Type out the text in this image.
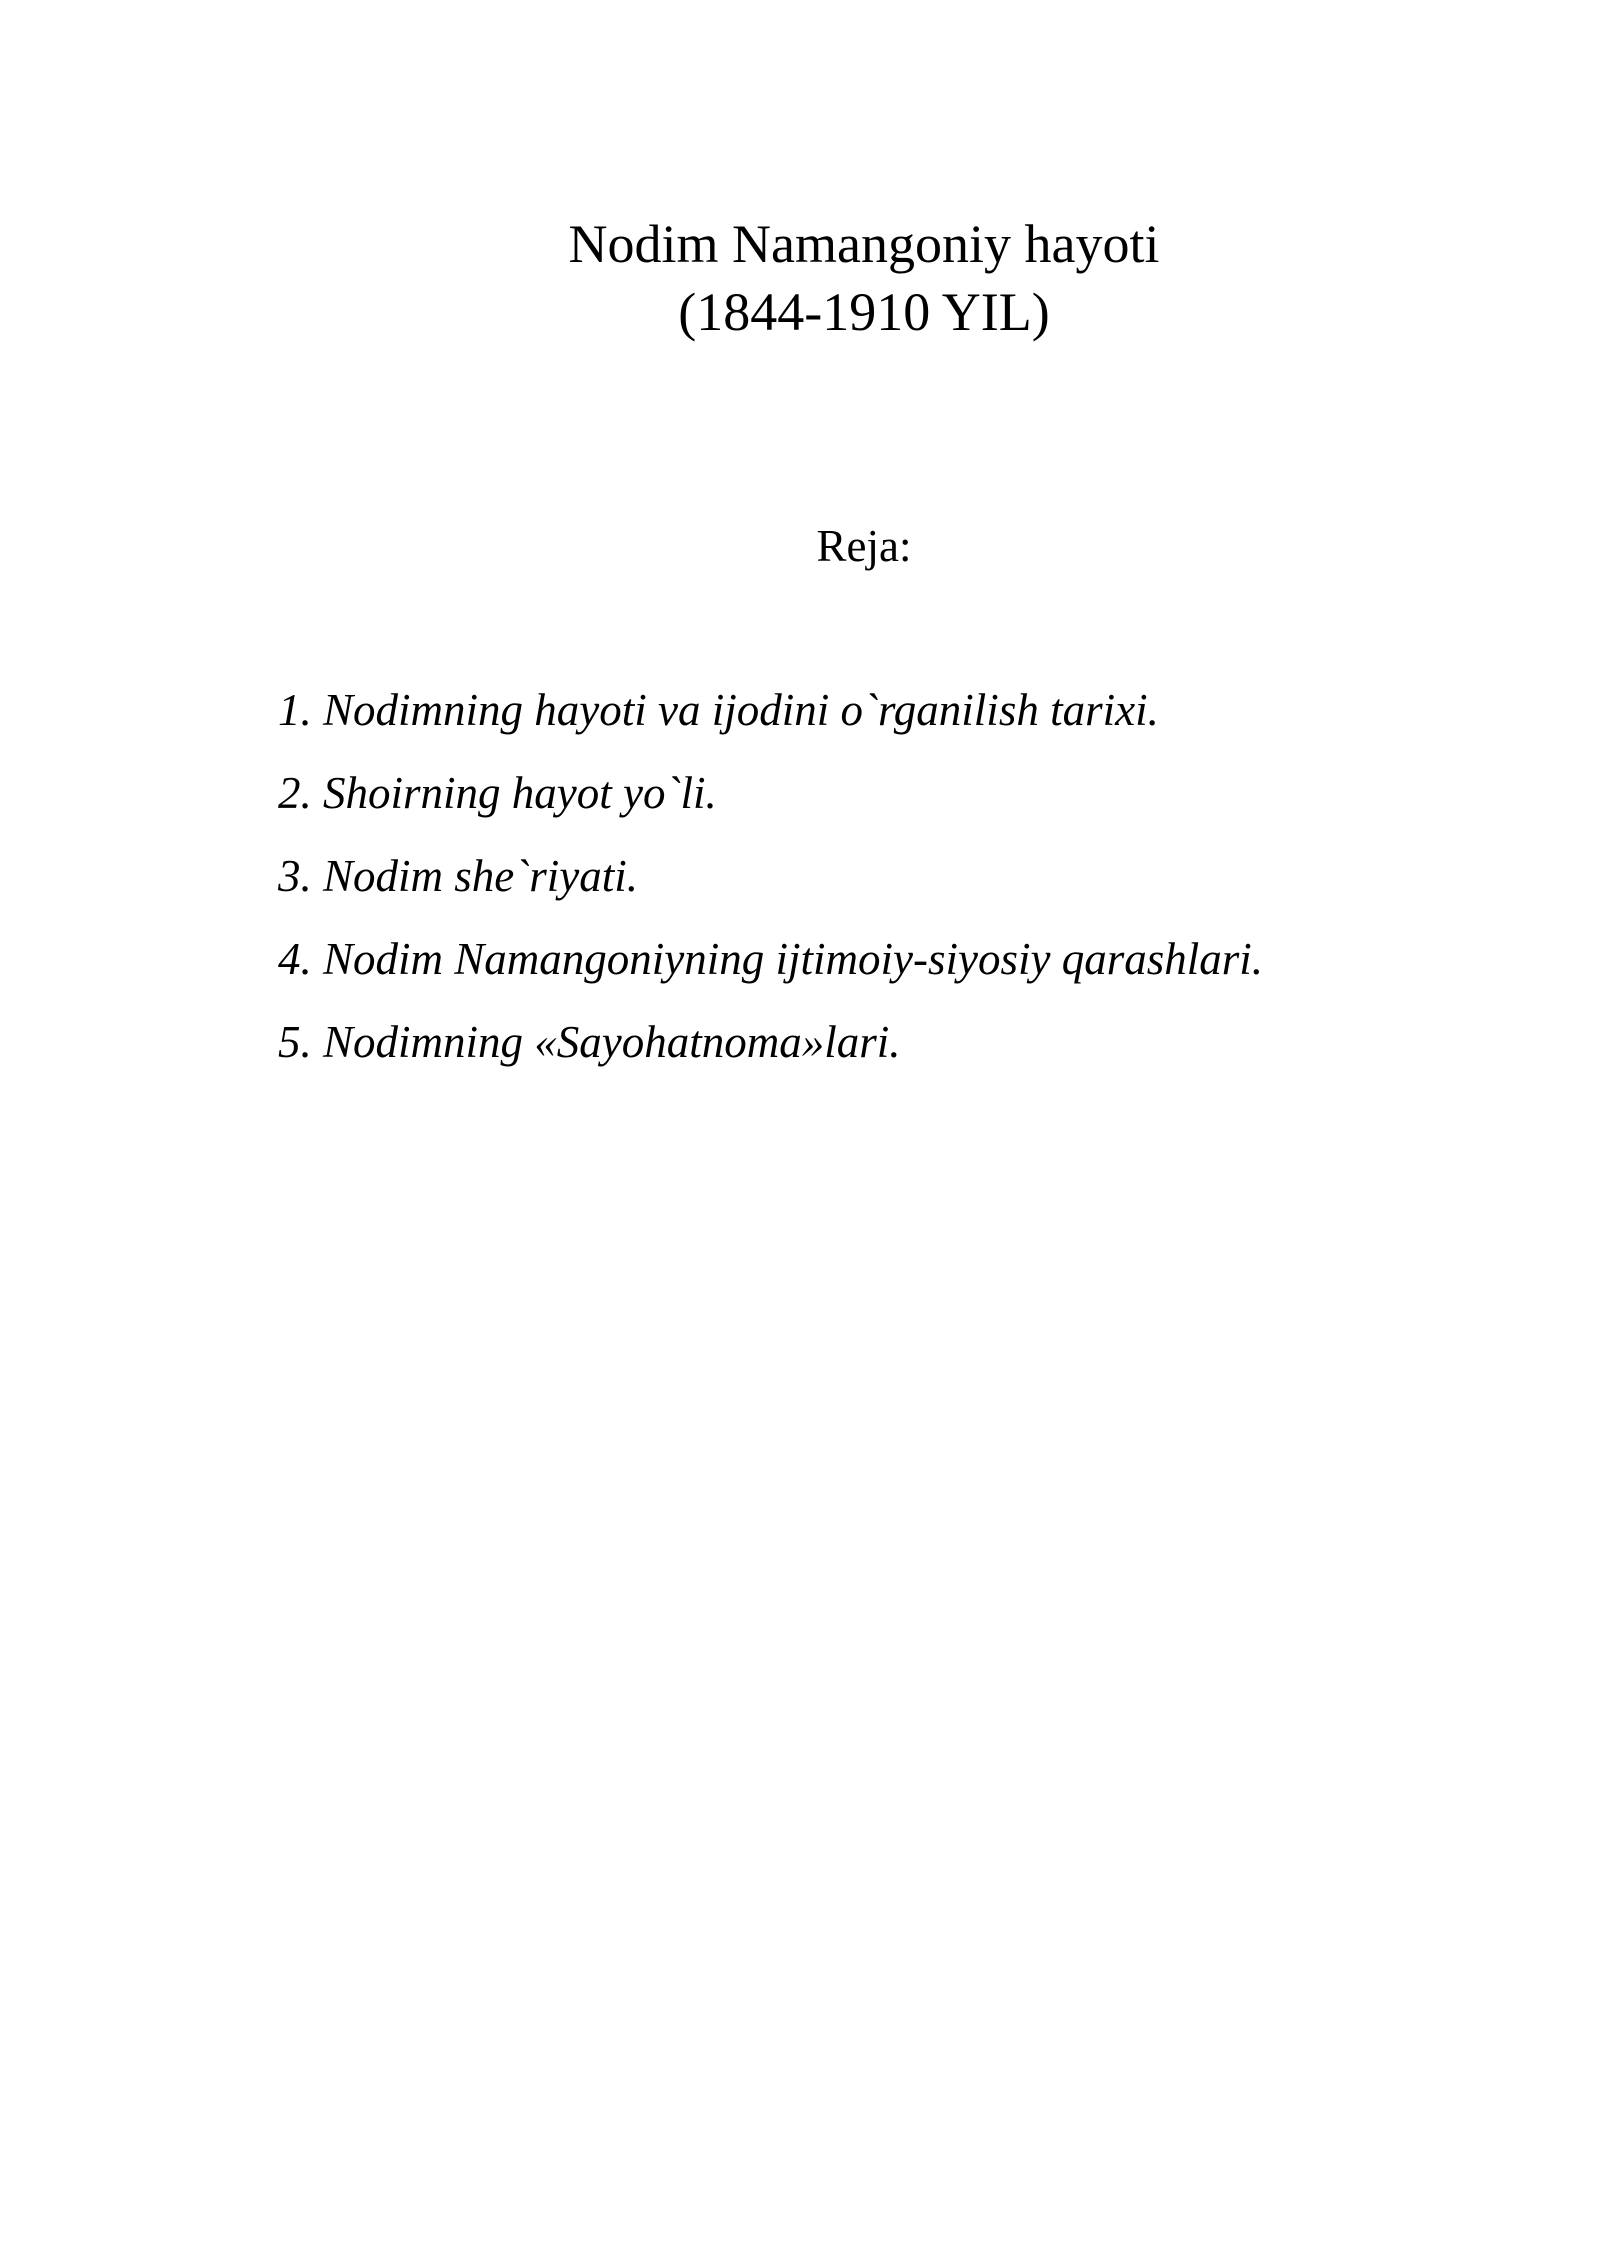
Nodim Namangoniy hayoti
(1844-1910 YIL)
Reja:
1. Nodimning hayoti va ijodini o`rganilish tarixi.
2. Shoirning hayot yo`li.
3. Nodim she`riyati.
4. Nodim Namangoniyning ijtimoiy-siyosiy qarashlari.
5. Nodimning «Sayohatnoma»lari.
